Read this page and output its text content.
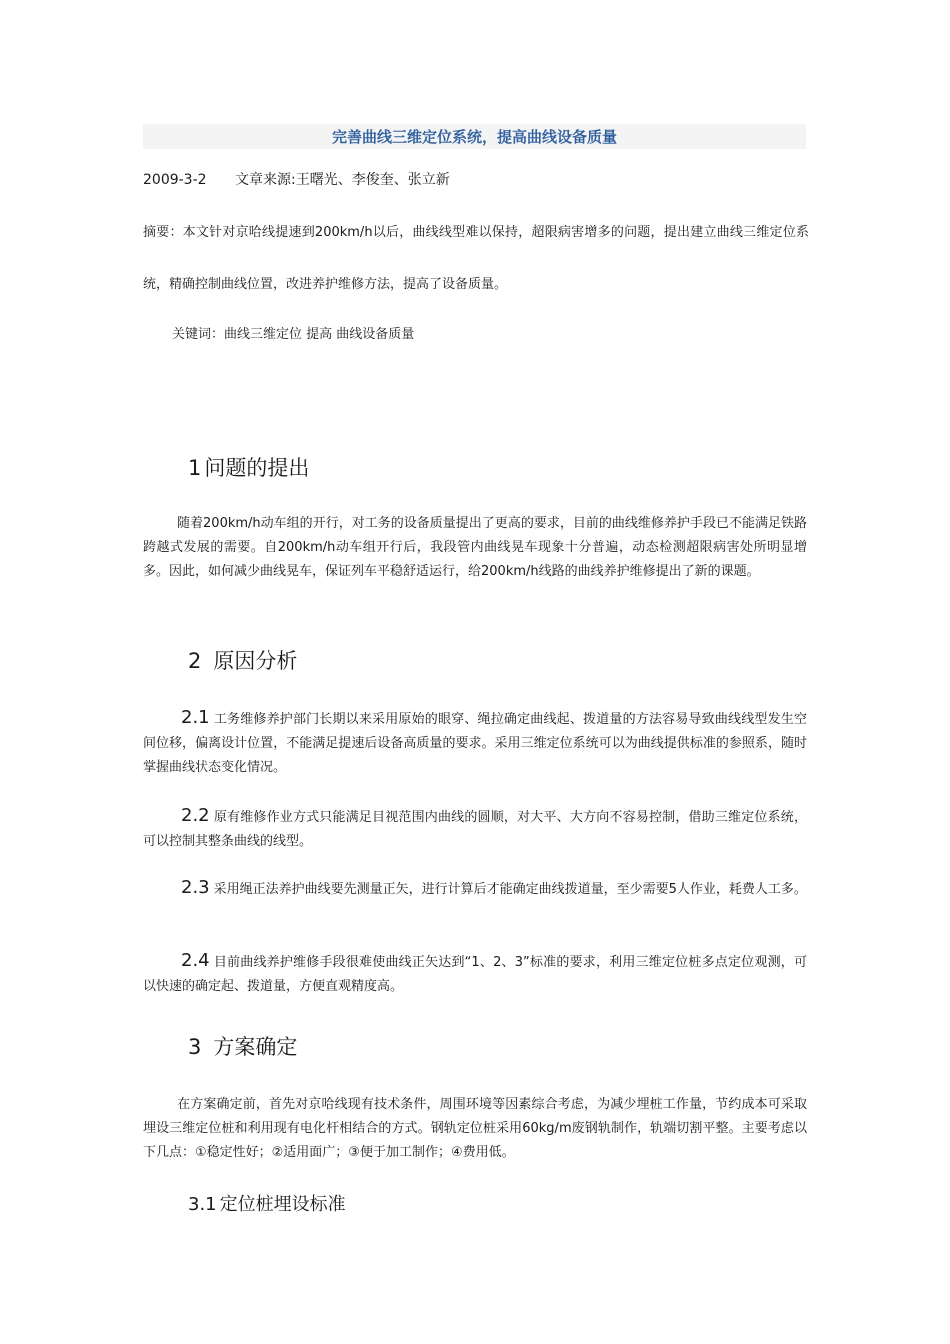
完善曲线三维定位系统，提高曲线设备质量
2009-3-2 文章来源:王曙光、李俊奎、张立新
摘要：本文针对京哈线提速到200km/h以后，曲线线型难以保持，超限病害增多的问题，提出建立曲线三维定位系统，精确控制曲线位置，改进养护维修方法，提高了设备质量。
关键词：曲线三维定位 提高 曲线设备质量
1 问题的提出
随着200km/h动车组的开行，对工务的设备质量提出了更高的要求，目前的曲线维修养护手段已不能满足铁路跨越式发展的需要。自200km/h动车组开行后，我段管内曲线晃车现象十分普遍，动态检测超限病害处所明显增多。因此，如何减少曲线晃车，保证列车平稳舒适运行，给200km/h线路的曲线养护维修提出了新的课题。
2 原因分析
2.1 工务维修养护部门长期以来采用原始的眼穿、绳拉确定曲线起、拨道量的方法容易导致曲线线型发生空间位移，偏离设计位置，不能满足提速后设备高质量的要求。采用三维定位系统可以为曲线提供标准的参照系，随时掌握曲线状态变化情况。
2.2 原有维修作业方式只能满足目视范围内曲线的圆顺，对大平、大方向不容易控制，借助三维定位系统，可以控制其整条曲线的线型。
2.3 采用绳正法养护曲线要先测量正矢，进行计算后才能确定曲线拨道量，至少需要5人作业，耗费人工多。
2.4 目前曲线养护维修手段很难使曲线正矢达到“1、2、3”标准的要求，利用三维定位桩多点定位观测，可以快速的确定起、拨道量，方便直观精度高。
3 方案确定
在方案确定前，首先对京哈线现有技术条件，周围环境等因素综合考虑，为减少埋桩工作量，节约成本可采取埋设三维定位桩和利用现有电化杆相结合的方式。钢轨定位桩采用60kg/m废钢轨制作，轨端切割平整。主要考虑以下几点：①稳定性好；②适用面广；③便于加工制作；④费用低。
3.1 定位桩埋设标准
